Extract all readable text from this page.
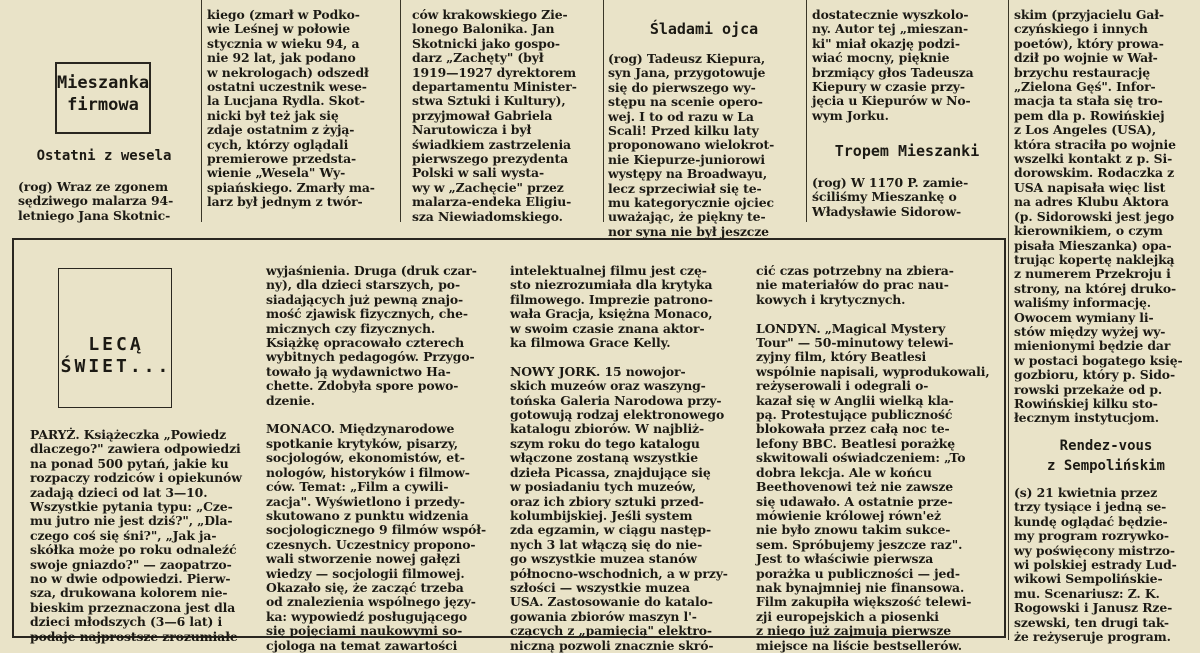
Mieszanka
firmowa
Ostatni z wesela
(rog) Wraz ze zgonem
sędziwego malarza 94-
letniego Jana Skotnic-
kiego (zmarł w Podko-
wie Leśnej w połowie
stycznia w wieku 94, a
nie 92 lat, jak podano
w nekrologach) odszedł
ostatni uczestnik wese-
la Lucjana Rydla. Skot-
nicki był też jak się
zdaje ostatnim z żyją-
cych, którzy oglądali
premierowe przedsta-
wienie „Wesela" Wy-
spiańskiego. Zmarły ma-
larz był jednym z twór-
ców krakowskiego Zie-
lonego Balonika. Jan
Skotnicki jako gospo-
darz „Zachęty" (był
1919—1927 dyrektorem
departamentu Minister-
stwa Sztuki i Kultury),
przyjmował Gabriela
Narutowicza i był
świadkiem zastrzelenia
pierwszego prezydenta
Polski w sali wysta-
wy w „Zachęcie" przez
malarza-endeka Eligiu-
sza Niewiadomskiego.
Śladami ojca
(rog) Tadeusz Kiepura,
syn Jana, przygotowuje
się do pierwszego wy-
stępu na scenie opero-
wej. I to od razu w La
Scali! Przed kilku laty
proponowano wielokrot-
nie Kiepurze-juniorowi
występy na Broadwayu,
lecz sprzeciwiał się te-
mu kategorycznie ojciec
uważając, że piękny te-
nor syna nie był jeszcze
dostatecznie wyszkolo-
ny. Autor tej „mieszan-
ki" miał okazję podzi-
wiać mocny, pięknie
brzmiący głos Tadeusza
Kiepury w czasie przy-
jęcia u Kiepurów w No-
wym Jorku.
Tropem Mieszanki
(rog) W 1170 P. zamie-
ściliśmy Mieszankę o
Władysławie Sidorow-
skim (przyjacielu Gał-
czyńskiego i innych
poetów), który prowa-
dził po wojnie w Wał-
brzychu restaurację
„Zielona Gęś". Infor-
macja ta stała się tro-
pem dla p. Rowińskiej
z Los Angeles (USA),
która straciła po wojnie
wszelki kontakt z p. Si-
dorowskim. Rodaczka z
USA napisała więc list
na adres Klubu Aktora
(p. Sidorowski jest jego
kierownikiem, o czym
pisała Mieszanka) opa-
trując kopertę naklejką
z numerem Przekroju i
strony, na której druko-
waliśmy informację.
Owocem wymiany li-
stów między wyżej wy-
mienionymi będzie dar
w postaci bogatego księ-
gozbioru, który p. Sido-
rowski przekaże od p.
Rowińskiej kilku sto-
łecznym instytucjom.
Rendez-vous
z Sempolińskim
(s) 21 kwietnia przez
trzy tysiące i jedną se-
kundę oglądać będzie-
my program rozrywko-
wy poświęcony mistrzo-
wi polskiej estrady Lud-
wikowi Sempolińskie-
mu. Scenariusz: Z. K.
Rogowski i Janusz Rze-
szewski, ten drugi tak-
że reżyseruje program.
LECĄ
ŚWIET...
PARYŻ. Książeczka „Powiedz
dlaczego?" zawiera odpowiedzi
na ponad 500 pytań, jakie ku
rozpaczy rodziców i opiekunów
zadają dzieci od lat 3—10.
Wszystkie pytania typu: „Cze-
mu jutro nie jest dziś?", „Dla-
czego coś się śni?", „Jak ja-
skółka może po roku odnaleźć
swoje gniazdo?" — zaopatrzo-
no w dwie odpowiedzi. Pierw-
sza, drukowana kolorem nie-
bieskim przeznaczona jest dla
dzieci młodszych (3—6 lat) i
podaje najprostsze zrozumiałe
wyjaśnienia. Druga (druk czar-
ny), dla dzieci starszych, po-
siadających już pewną znajo-
mość zjawisk fizycznych, che-
micznych czy fizycznych.
Książkę opracowało czterech
wybitnych pedagogów. Przygo-
towało ją wydawnictwo Ha-
chette. Zdobyła spore powo-
dzenie.

MONACO. Międzynarodowe
spotkanie krytyków, pisarzy,
socjologów, ekonomistów, et-
nologów, historyków i filmow-
ców. Temat: „Film a cywili-
zacja". Wyświetlono i przedy-
skutowano z punktu widzenia
socjologicznego 9 filmów współ-
czesnych. Uczestnicy propono-
wali stworzenie nowej gałęzi
wiedzy — socjologii filmowej.
Okazało się, że zacząć trzeba
od znalezienia wspólnego języ-
ka: wypowiedź posługującego
się pojęciami naukowymi so-
cjologa na temat zawartości
intelektualnej filmu jest czę-
sto niezrozumiała dla krytyka
filmowego. Imprezie patrono-
wała Gracja, księżna Monaco,
w swoim czasie znana aktor-
ka filmowa Grace Kelly.

NOWY JORK. 15 nowojor-
skich muzeów oraz waszyng-
tońska Galeria Narodowa przy-
gotowują rodzaj elektronowego
katalogu zbiorów. W najbliż-
szym roku do tego katalogu
włączone zostaną wszystkie
dzieła Picassa, znajdujące się
w posiadaniu tych muzeów,
oraz ich zbiory sztuki przed-
kolumbijskiej. Jeśli system
zda egzamin, w ciągu następ-
nych 3 lat włączą się do nie-
go wszystkie muzea stanów
północno-wschodnich, a w przy-
szłości — wszystkie muzea
USA. Zastosowanie do katalo-
gowania zbiorów maszyn l'-
czących z „pamięcią" elektro-
niczną pozwoli znacznie skró-
cić czas potrzebny na zbiera-
nie materiałów do prac nau-
kowych i krytycznych.

LONDYN. „Magical Mystery
Tour" — 50-minutowy telewi-
zyjny film, który Beatlesi
wspólnie napisali, wyprodukowali,
reżyserowali i odegrali o-
kazał się w Anglii wielką kla-
pą. Protestujące publiczność
blokowała przez całą noc te-
lefony BBC. Beatlesi porażkę
skwitowali oświadczeniem: „To
dobra lekcja. Ale w końcu
Beethovenowi też nie zawsze
się udawało. A ostatnie prze-
mówienie królowej równ'eż
nie było znowu takim sukce-
sem. Spróbujemy jeszcze raz".
Jest to właściwie pierwsza
porażka u publiczności — jed-
nak bynajmniej nie finansowa.
Film zakupiła większość telewi-
zji europejskich a piosenki
z niego już zajmują pierwsze
miejsce na liście bestsellerów.
